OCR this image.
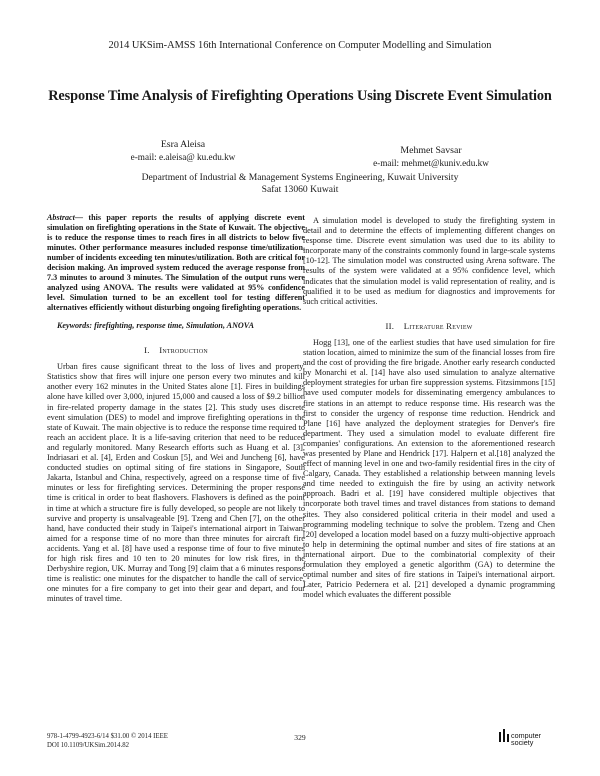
2014 UKSim-AMSS 16th International Conference on Computer Modelling and Simulation
Response Time Analysis of Firefighting Operations Using Discrete Event Simulation
Esra Aleisa
e-mail: e.aleisa@ ku.edu.kw
Mehmet Savsar
e-mail: mehmet@kuniv.edu.kw
Department of Industrial & Management Systems Engineering, Kuwait University
Safat 13060 Kuwait
Abstract— this paper reports the results of applying discrete event simulation on firefighting operations in the State of Kuwait. The objective is to reduce the response times to reach fires in all districts to below five minutes. Other performance measures included response time/utilization, number of incidents exceeding ten minutes/utilization. Both are critical for decision making. An improved system reduced the average response from 7.3 minutes to around 3 minutes. The Simulation of the output runs were analyzed using ANOVA. The results were validated at 95% confidence level. Simulation turned to be an excellent tool for testing different alternatives efficiently without disturbing ongoing firefighting operations.

Keywords: firefighting, response time, Simulation, ANOVA

I. Introduction

Urban fires cause significant threat to the loss of lives and property. Statistics show that fires will injure one person every two minutes and kill another every 162 minutes in the United States alone [1]. Fires in buildings alone have killed over 3,000, injured 15,000 and caused a loss of $9.2 billion in fire-related property damage in the states [2]. This study uses discrete event simulation (DES) to model and improve firefighting operations in the state of Kuwait. The main objective is to reduce the response time required to reach an accident place. It is a life-saving criterion that need to be reduced and regularly monitored. Many Research efforts such as Huang et al. [3], Indriasari et al. [4], Erden and Coskun [5], and Wei and Juncheng [6], have conducted studies on optimal siting of fire stations in Singapore, South Jakarta, Istanbul and China, respectively, agreed on a response time of five minutes or less for firefighting services. Determining the proper response time is critical in order to beat flashovers. Flashovers is defined as the point in time at which a structure fire is fully developed, so people are not likely to survive and property is unsalvageable [9]. Tzeng and Chen [7], on the other hand, have conducted their study in Taipei's international airport in Taiwan, aimed for a response time of no more than three minutes for aircraft fire accidents. Yang et al. [8] have used a response time of four to five minutes for high risk fires and 10 ten to 20 minutes for low risk fires, in the Derbyshire region, UK. Murray and Tong [9] claim that a 6 minutes response time is realistic: one minutes for the dispatcher to handle the call of service, one minutes for a fire company to get into their gear and depart, and four minutes of travel time.

A simulation model is developed to study the firefighting system in detail and to determine the effects of implementing different changes on response time. Discrete event simulation was used due to its ability to incorporate many of the constraints commonly found in large-scale systems [10-12]. The simulation model was constructed using Arena software. The results of the system were validated at a 95% confidence level, which indicates that the simulation model is valid representation of reality, and is qualified it to be used as medium for diagnostics and improvements for such critical activities.

II. Literature Review

Hogg [13], one of the earliest studies that have used simulation for fire station location, aimed to minimize the sum of the financial losses from fire and the cost of providing the fire brigade. Another early research conducted by Monarchi et al. [14] have also used simulation to analyze alternative deployment strategies for urban fire suppression systems. Fitzsimmons [15] have used computer models for disseminating emergency ambulances to fire stations in an attempt to reduce response time. His research was the first to consider the urgency of response time reduction. Hendrick and Plane [16] have analyzed the deployment strategies for Denver's fire department. They used a simulation model to evaluate different fire companies' configurations. An extension to the aforementioned research was presented by Plane and Hendrick [17]. Halpern et al.[18] analyzed the effect of manning level in one and two-family residential fires in the city of Calgary, Canada. They established a relationship between manning levels and time needed to extinguish the fire by using an activity network approach. Badri et al. [19] have considered multiple objectives that incorporate both travel times and travel distances from stations to demand sites. They also considered political criteria in their model and used a programming modeling technique to solve the problem. Tzeng and Chen [20] developed a location model based on a fuzzy multi-objective approach to help in determining the optimal number and sites of fire stations at an international airport. Due to the combinatorial complexity of their formulation they employed a genetic algorithm (GA) to determine the optimal number and sites of fire stations in Taipei's international airport. Later, Patricio Pedernera et al. [21] developed a dynamic programming model which evaluates the different possible

978-1-4799-4923-6/14 $31.00 © 2014 IEEE
DOI 10.1109/UKSim.2014.82
329	computer
society
